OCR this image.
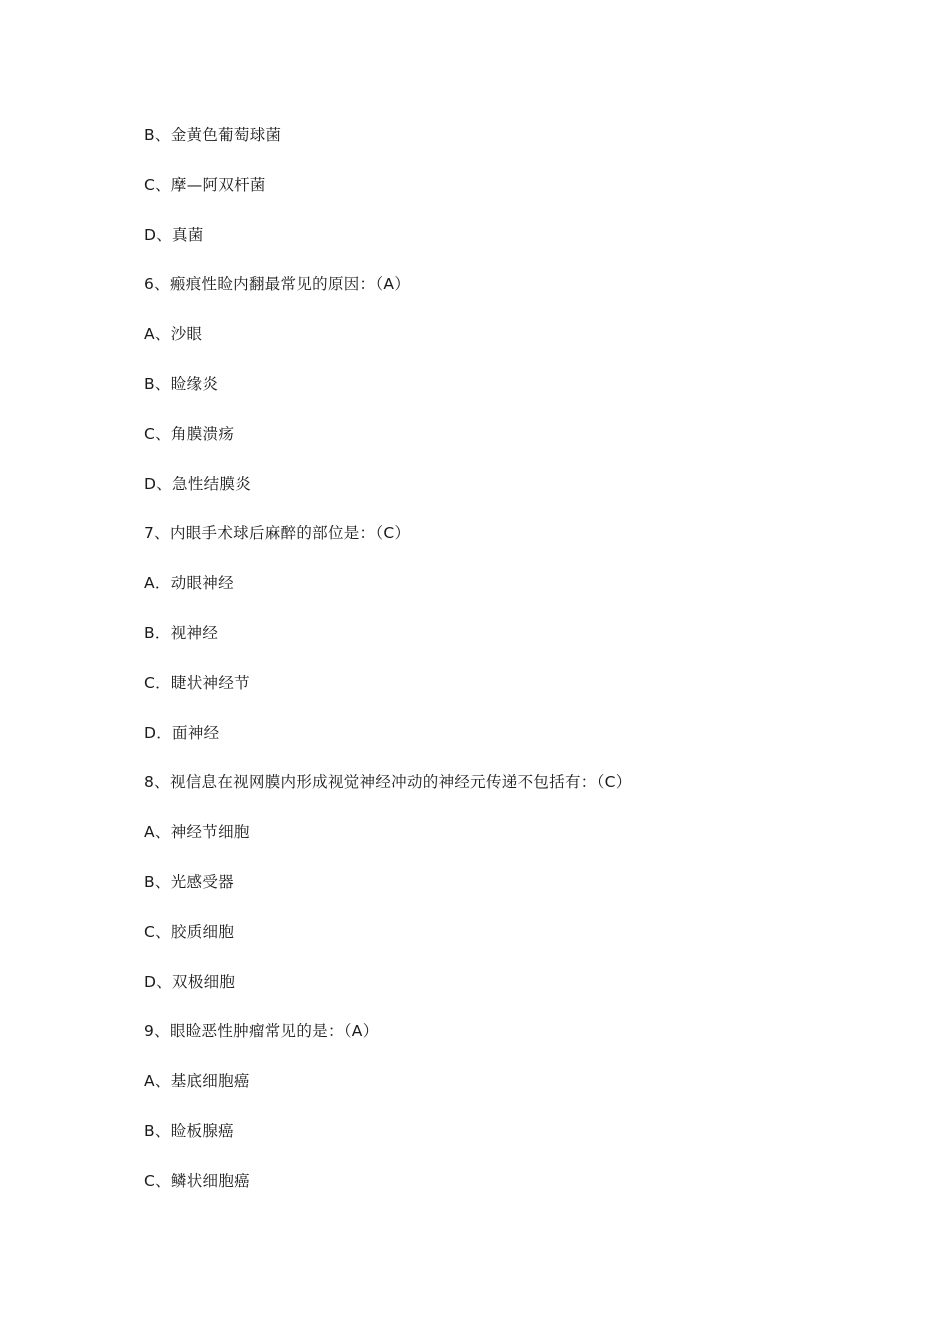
B、金黄色葡萄球菌
C、摩—阿双杆菌
D、真菌
6、瘢痕性睑内翻最常见的原因：（A）
A、沙眼
B、睑缘炎
C、角膜溃疡
D、急性结膜炎
7、内眼手术球后麻醉的部位是：（C）
A．动眼神经
B．视神经
C．睫状神经节
D．面神经
8、视信息在视网膜内形成视觉神经冲动的神经元传递不包括有：（C）
A、神经节细胞
B、光感受器
C、胶质细胞
D、双极细胞
9、眼睑恶性肿瘤常见的是：（A）
A、基底细胞癌
B、睑板腺癌
C、鳞状细胞癌
